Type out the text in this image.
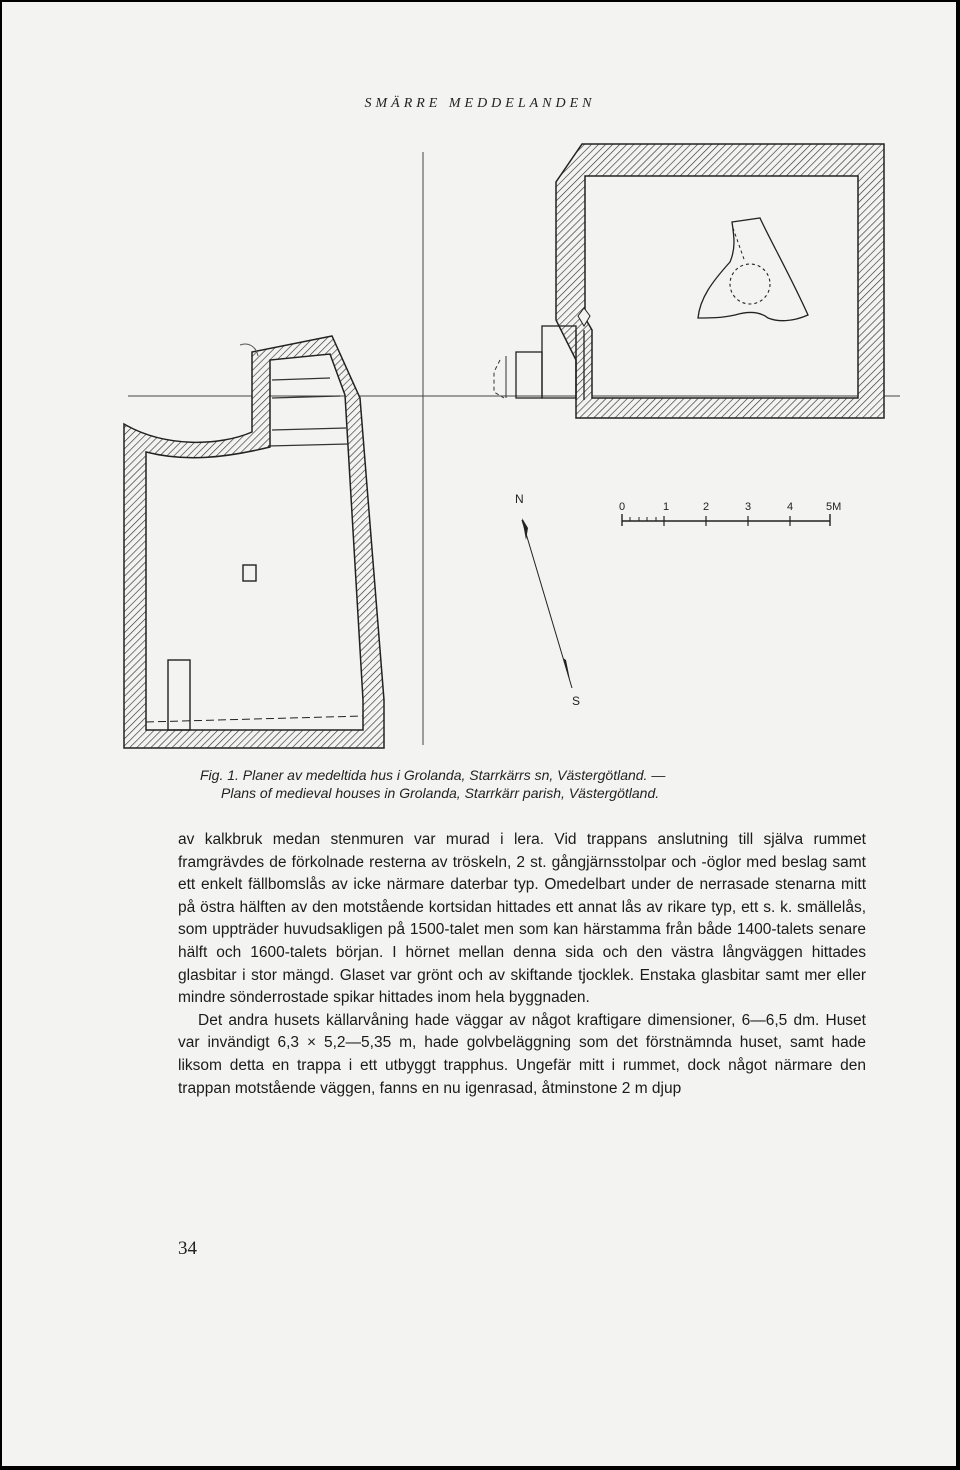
SMÄRRE MEDDELANDEN
N
S
0	1	2	3	4	5M
Fig. 1. Planer av medeltida hus i Grolanda, Starrkärrs sn, Västergötland. —
Plans of medieval houses in Grolanda, Starrkärr parish, Västergötland.

av kalkbruk medan stenmuren var murad i lera. Vid trappans anslutning till själva rummet framgrävdes de förkolnade resterna av tröskeln, 2 st. gångjärnsstolpar och -öglor med beslag samt ett enkelt fällbomslås av icke närmare daterbar typ. Omedelbart under de nerrasade stenarna mitt på östra hälften av den motstående kortsidan hittades ett annat lås av rikare typ, ett s. k. smällelås, som uppträder huvudsakligen på 1500-talet men som kan härstamma från både 1400-talets senare hälft och 1600-talets början. I hörnet mellan denna sida och den västra långväggen hittades glasbitar i stor mängd. Glaset var grönt och av skiftande tjocklek. Enstaka glasbitar samt mer eller mindre sönderrostade spikar hittades inom hela byggnaden.

Det andra husets källarvåning hade väggar av något kraftigare dimensioner, 6—6,5 dm. Huset var invändigt 6,3 × 5,2—5,35 m, hade golvbeläggning som det förstnämnda huset, samt hade liksom detta en trappa i ett utbyggt trapphus. Ungefär mitt i rummet, dock något närmare den trappan motstående väggen, fanns en nu igenrasad, åtminstone 2 m djup

34
